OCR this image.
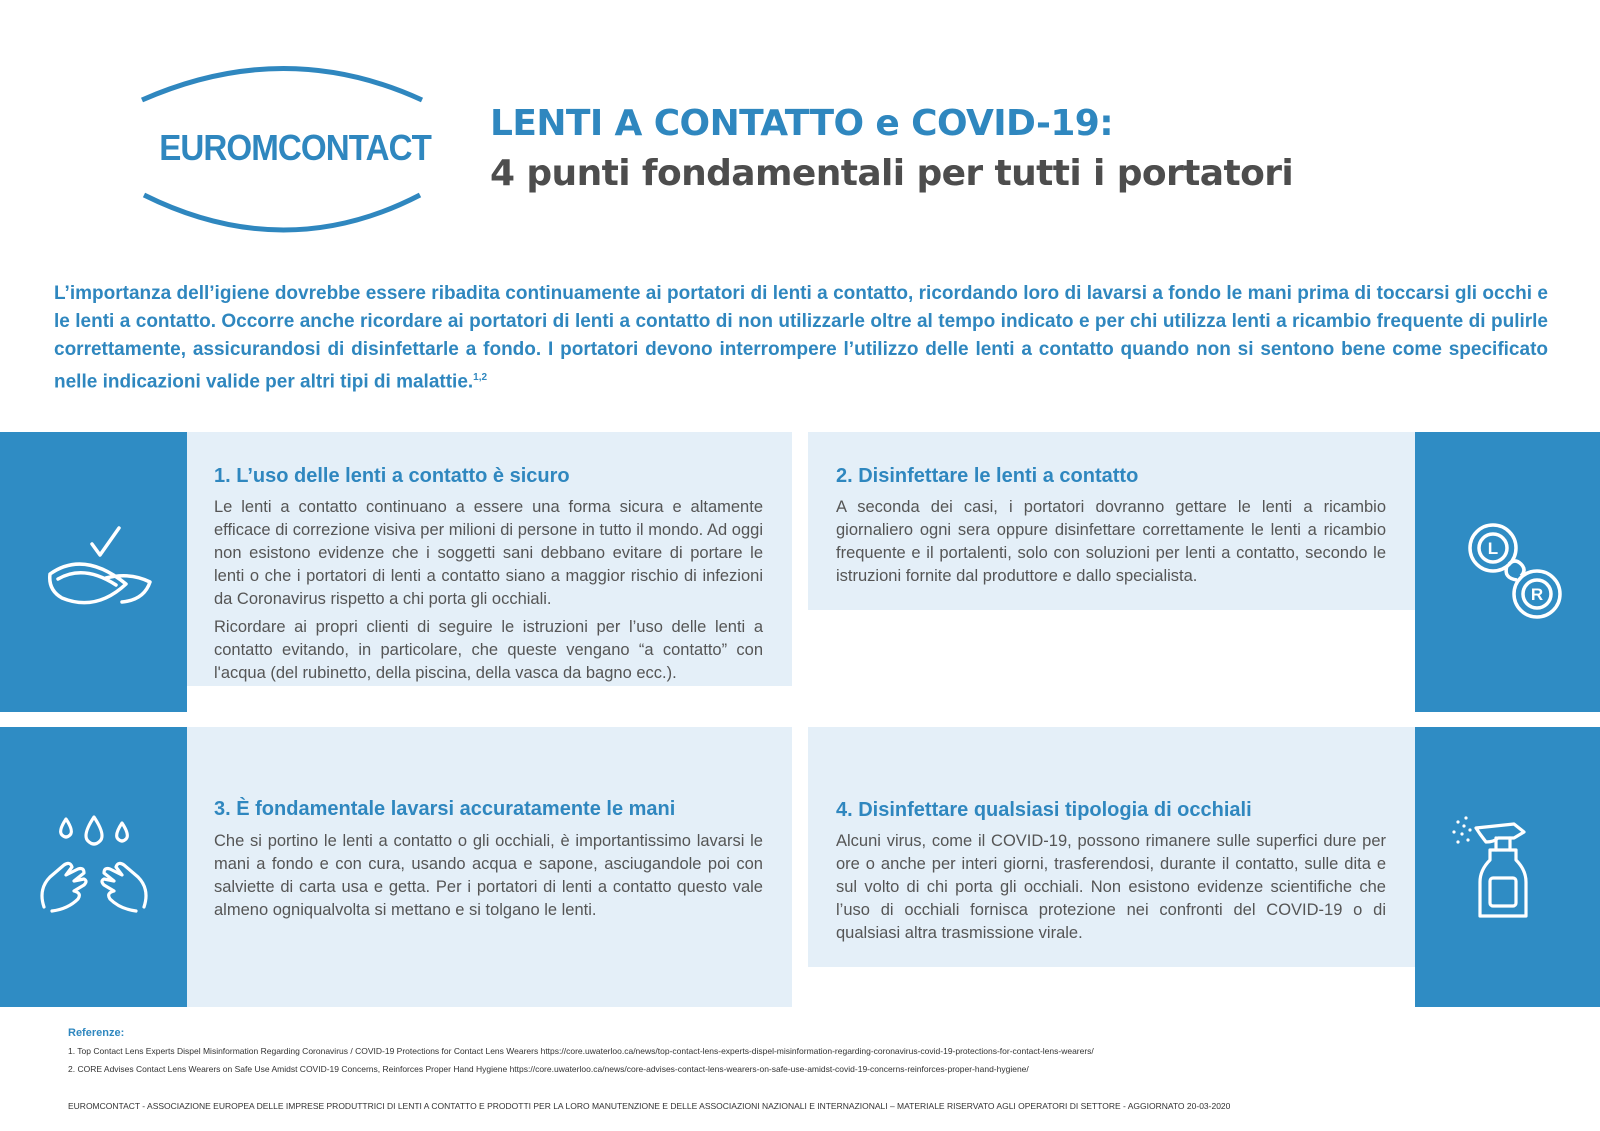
EUROMCONTACT
LENTI A CONTATTO e COVID-19:
4 punti fondamentali per tutti i portatori
L’importanza dell’igiene dovrebbe essere ribadita continuamente ai portatori di lenti a contatto, ricordando loro di lavarsi a fondo le mani prima di toccarsi gli occhi e le lenti a contatto. Occorre anche ricordare ai portatori di lenti a contatto di non utilizzarle oltre al tempo indicato e per chi utilizza lenti a ricambio frequente di pulirle correttamente, assicurandosi di disinfettarle a fondo. I portatori devono interrompere l’utilizzo delle lenti a contatto quando non si sentono bene come specificato nelle indicazioni valide per altri tipi di malattie.$^{1,2}$
L
R
1. L’uso delle lenti a contatto è sicuro

Le lenti a contatto continuano a essere una forma sicura e altamente efficace di correzione visiva per milioni di persone in tutto il mondo. Ad oggi non esistono evidenze che i soggetti sani debbano evitare di portare le lenti o che i portatori di lenti a contatto siano a maggior rischio di infezioni da Coronavirus rispetto a chi porta gli occhiali.

Ricordare ai propri clienti di seguire le istruzioni per l’uso delle lenti a contatto evitando, in particolare, che queste vengano “a contatto” con l'acqua (del rubinetto, della piscina, della vasca da bagno ecc.).

2. Disinfettare le lenti a contatto

A seconda dei casi, i portatori dovranno gettare le lenti a ricambio giornaliero ogni sera oppure disinfettare correttamente le lenti a ricambio frequente e il portalenti, solo con soluzioni per lenti a contatto, secondo le istruzioni fornite dal produttore e dallo specialista.

3. È fondamentale lavarsi accuratamente le mani

Che si portino le lenti a contatto o gli occhiali, è importantissimo lavarsi le mani a fondo e con cura, usando acqua e sapone, asciugandole poi con salviette di carta usa e getta. Per i portatori di lenti a contatto questo vale almeno ogniqualvolta si mettano e si tolgano le lenti.

4. Disinfettare qualsiasi tipologia di occhiali

Alcuni virus, come il COVID-19, possono rimanere sulle superfici dure per ore o anche per interi giorni, trasferendosi, durante il contatto, sulle dita e sul volto di chi porta gli occhiali. Non esistono evidenze scientifiche che l’uso di occhiali fornisca protezione nei confronti del COVID-19 o di qualsiasi altra trasmissione virale.

Referenze:
1. Top Contact Lens Experts Dispel Misinformation Regarding Coronavirus / COVID-19 Protections for Contact Lens Wearers https://core.uwaterloo.ca/news/top-contact-lens-experts-dispel-misinformation-regarding-coronavirus-covid-19-protections-for-contact-lens-wearers/
2. CORE Advises Contact Lens Wearers on Safe Use Amidst COVID-19 Concerns, Reinforces Proper Hand Hygiene https://core.uwaterloo.ca/news/core-advises-contact-lens-wearers-on-safe-use-amidst-covid-19-concerns-reinforces-proper-hand-hygiene/
EUROMCONTACT - ASSOCIAZIONE EUROPEA DELLE IMPRESE PRODUTTRICI DI LENTI A CONTATTO E PRODOTTI PER LA LORO MANUTENZIONE E DELLE ASSOCIAZIONI NAZIONALI E INTERNAZIONALI – MATERIALE RISERVATO AGLI OPERATORI DI SETTORE - AGGIORNATO 20-03-2020
